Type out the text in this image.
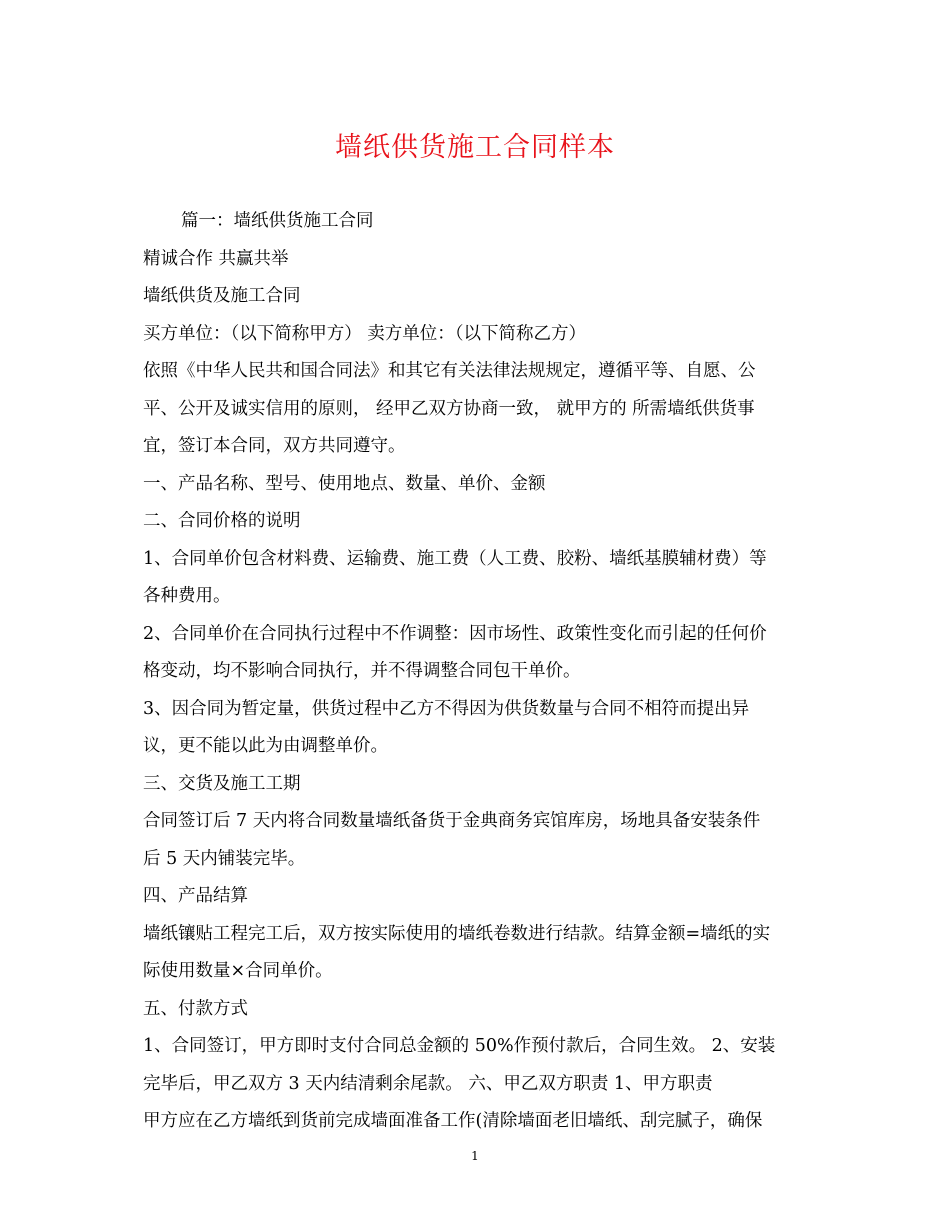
墙纸供货施工合同样本

篇一：墙纸供货施工合同

精诚合作 共赢共举

墙纸供货及施工合同

买方单位：（以下简称甲方） 卖方单位：（以下简称乙方）

依照《中华人民共和国合同法》和其它有关法律法规规定，遵循平等、自愿、公

平、公开及诚实信用的原则， 经甲乙双方协商一致， 就甲方的 所需墙纸供货事

宜，签订本合同，双方共同遵守。

一、产品名称、型号、使用地点、数量、单价、金额

二、合同价格的说明

1、合同单价包含材料费、运输费、施工费（人工费、胶粉、墙纸基膜辅材费）等

各种费用。

2、合同单价在合同执行过程中不作调整：因市场性、政策性变化而引起的任何价

格变动，均不影响合同执行，并不得调整合同包干单价。

3、因合同为暂定量，供货过程中乙方不得因为供货数量与合同不相符而提出异

议，更不能以此为由调整单价。

三、交货及施工工期

合同签订后 7 天内将合同数量墙纸备货于金典商务宾馆库房，场地具备安装条件

后 5 天内铺装完毕。

四、产品结算

墙纸镶贴工程完工后，双方按实际使用的墙纸卷数进行结款。结算金额=墙纸的实

际使用数量×合同单价。

五、付款方式

1、合同签订，甲方即时支付合同总金额的 50%作预付款后，合同生效。 2、安装

完毕后，甲乙双方 3 天内结清剩余尾款。 六、甲乙双方职责 1、甲方职责

甲方应在乙方墙纸到货前完成墙面准备工作(清除墙面老旧墙纸、刮完腻子，确保

1
